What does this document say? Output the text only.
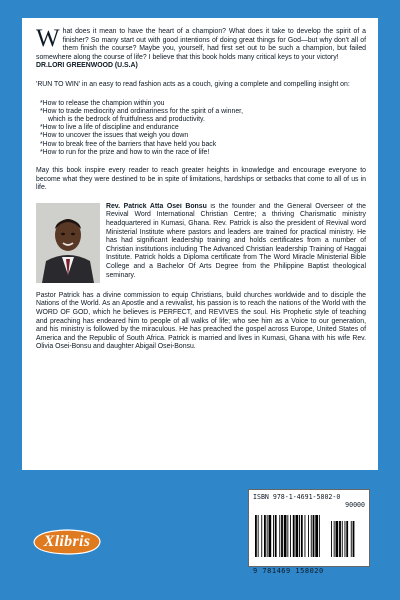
What does it mean to have the heart of a champion? What does it take to develop the spirit of a finisher? So many start out with good intentions of doing great things for God—but why don't all of them finish the course? Maybe you, yourself, had first set out to be such a champion, but failed somewhere along the course of life? I believe that this book holds many critical keys to your victory!

DR.LORI GREENWOOD (U.S.A)

'RUN TO WIN' in an easy to read fashion acts as a couch, giving a complete and compelling insight on:

*How to release the champion within you
*How to trade mediocrity and ordinariness for the spirit of a winner,
which is the bedrock of fruitfulness and productivity.
*How to live a life of discipline and endurance
*How to uncover the issues that weigh you down
*How to break free of the barriers that have held you back
*How to run for the prize and how to win the race of life!

May this book inspire every reader to reach greater heights in knowledge and encourage everyone to become what they were destined to be in spite of limitations, hardships or setbacks that come to all of us in life.

Rev. Patrick Atta Osei Bonsu is the founder and the General Overseer of the Revival Word International Christian Centre; a thriving Charismatic ministry headquartered in Kumasi, Ghana. Rev. Patrick is also the president of Revival word Ministerial Institute where pastors and leaders are trained for practical ministry. He has had significant leadership training and holds certificates from a number of Christian institutions including The Advanced Christian leadership Training of Haggai Institute. Patrick holds a Diploma certificate from The Word Miracle Ministerial Bible College and a Bachelor Of Arts Degree from the Philippine Baptist theological seminary.

Pastor Patrick has a divine commission to equip Christians, build churches worldwide and to disciple the Nations of the World. As an Apostle and a revivalist, his passion is to reach the nations of the World with the WORD OF GOD, which he believes is PERFECT, and REVIVES the soul. His Prophetic style of teaching and preaching has endeared him to people of all walks of life; who see him as a Voice to our generation, and his ministry is followed by the miraculous. He has preached the gospel across Europe, United States of America and the Republic of South Africa. Patrick is married and lives in Kumasi, Ghana with his wife Rev. Olivia Osei-Bonsu and daughter Abigail Osei-Bonsu.

ISBN 978-1-4691-5802-0
90000
9 781469 158020
Xlibris
